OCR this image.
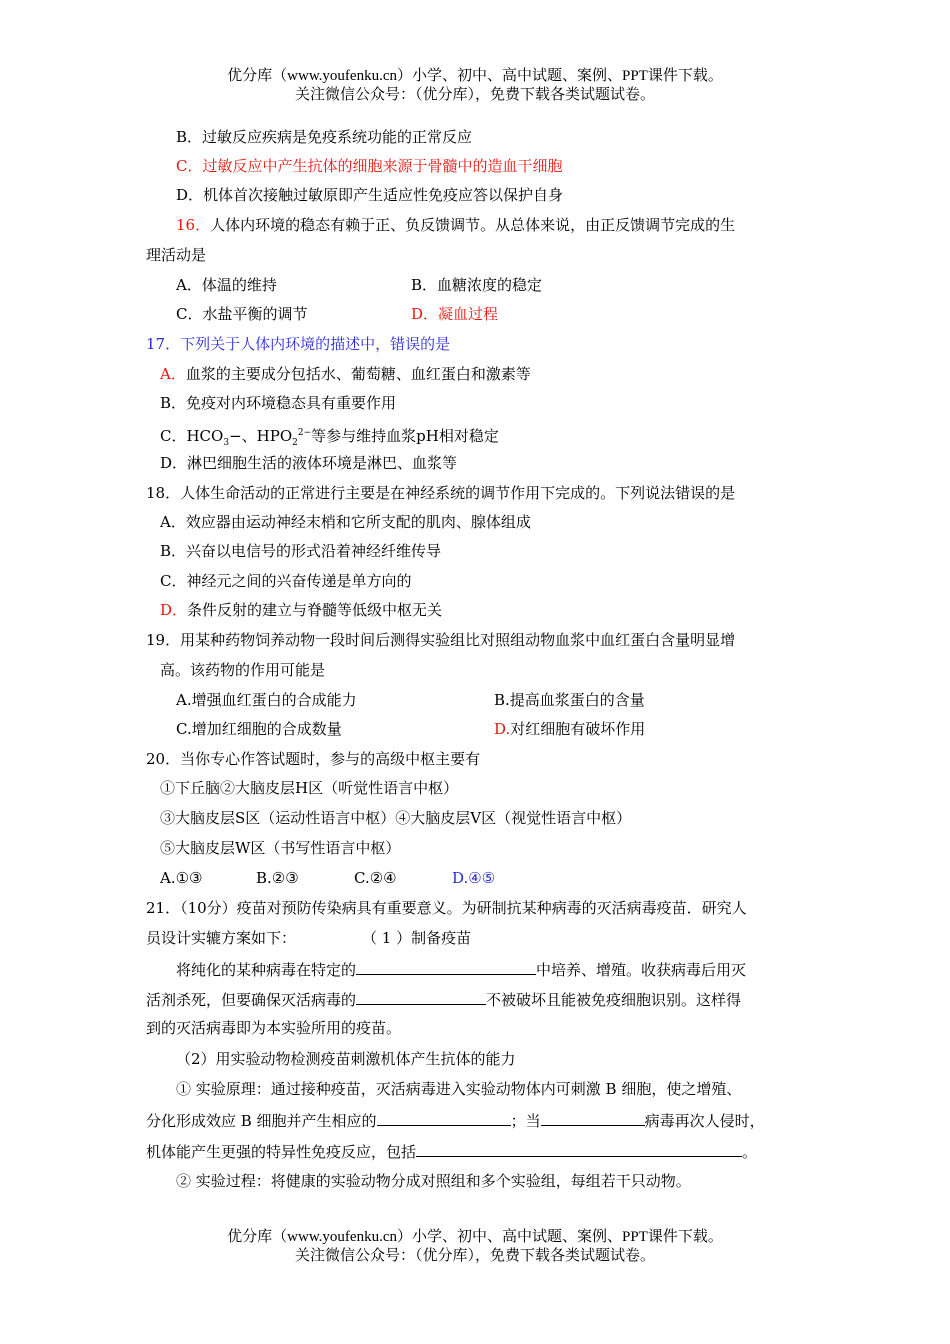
优分库（www.youfenku.cn）小学、初中、高中试题、案例、PPT课件下载。
关注微信公众号：（优分库），免费下载各类试题试卷。
B．过敏反应疾病是免疫系统功能的正常反应
C．过敏反应中产生抗体的细胞来源于骨髓中的造血干细胞
D．机体首次接触过敏原即产生适应性免疫应答以保护自身
16．人体内环境的稳态有赖于正、负反馈调节。从总体来说，由正反馈调节完成的生
理活动是
A．体温的维持	B．血糖浓度的稳定
C．水盐平衡的调节	D．凝血过程
17．下列关于人体内环境的描述中，错误的是
A．血浆的主要成分包括水、葡萄糖、血红蛋白和激素等
B．免疫对内环境稳态具有重要作用
C．$HCO_3-$、$HPO_2^{2-}$等参与维持血浆pH相对稳定
D．淋巴细胞生活的液体环境是淋巴、血浆等
18．人体生命活动的正常进行主要是在神经系统的调节作用下完成的。下列说法错误的是
A．效应器由运动神经末梢和它所支配的肌肉、腺体组成
B．兴奋以电信号的形式沿着神经纤维传导
C．神经元之间的兴奋传递是单方向的
D．条件反射的建立与脊髓等低级中枢无关
19．用某种药物饲养动物一段时间后测得实验组比对照组动物血浆中血红蛋白含量明显增
高。该药物的作用可能是
A.增强血红蛋白的合成能力	B.提高血浆蛋白的含量
C.增加红细胞的合成数量	D.对红细胞有破坏作用
20．当你专心作答试题时，参与的高级中枢主要有
①下丘脑②大脑皮层H区（听觉性语言中枢）
③大脑皮层S区（运动性语言中枢）④大脑皮层V区（视觉性语言中枢）
⑤大脑皮层W区（书写性语言中枢）
A.①③	B.②③	C.②④	D.④⑤
21．（10分）疫苗对预防传染病具有重要意义。为研制抗某种病毒的灭活病毒疫苗．研究人
员设计实辘方案如下：	（ 1 ）制备疫苗
将纯化的某种病毒在特定的	中培养、增殖。收获病毒后用灭
活剂杀死，但要确保灭活病毒的	不被破坏且能被免疫细胞识别。这样得
到的灭活病毒即为本实验所用的疫苗。
（2）用实验动物检测疫苗刺激机体产生抗体的能力
① 实验原理：通过接种疫苗，灭活病毒进入实验动物体内可刺激 B 细胞，使之增殖、
分化形成效应 B 细胞并产生相应的	；当	病毒再次人侵时，
机体能产生更强的特异性免疫反应，包括	。
② 实验过程：将健康的实验动物分成对照组和多个实验组，每组若干只动物。
优分库（www.youfenku.cn）小学、初中、高中试题、案例、PPT课件下载。
关注微信公众号：（优分库），免费下载各类试题试卷。
